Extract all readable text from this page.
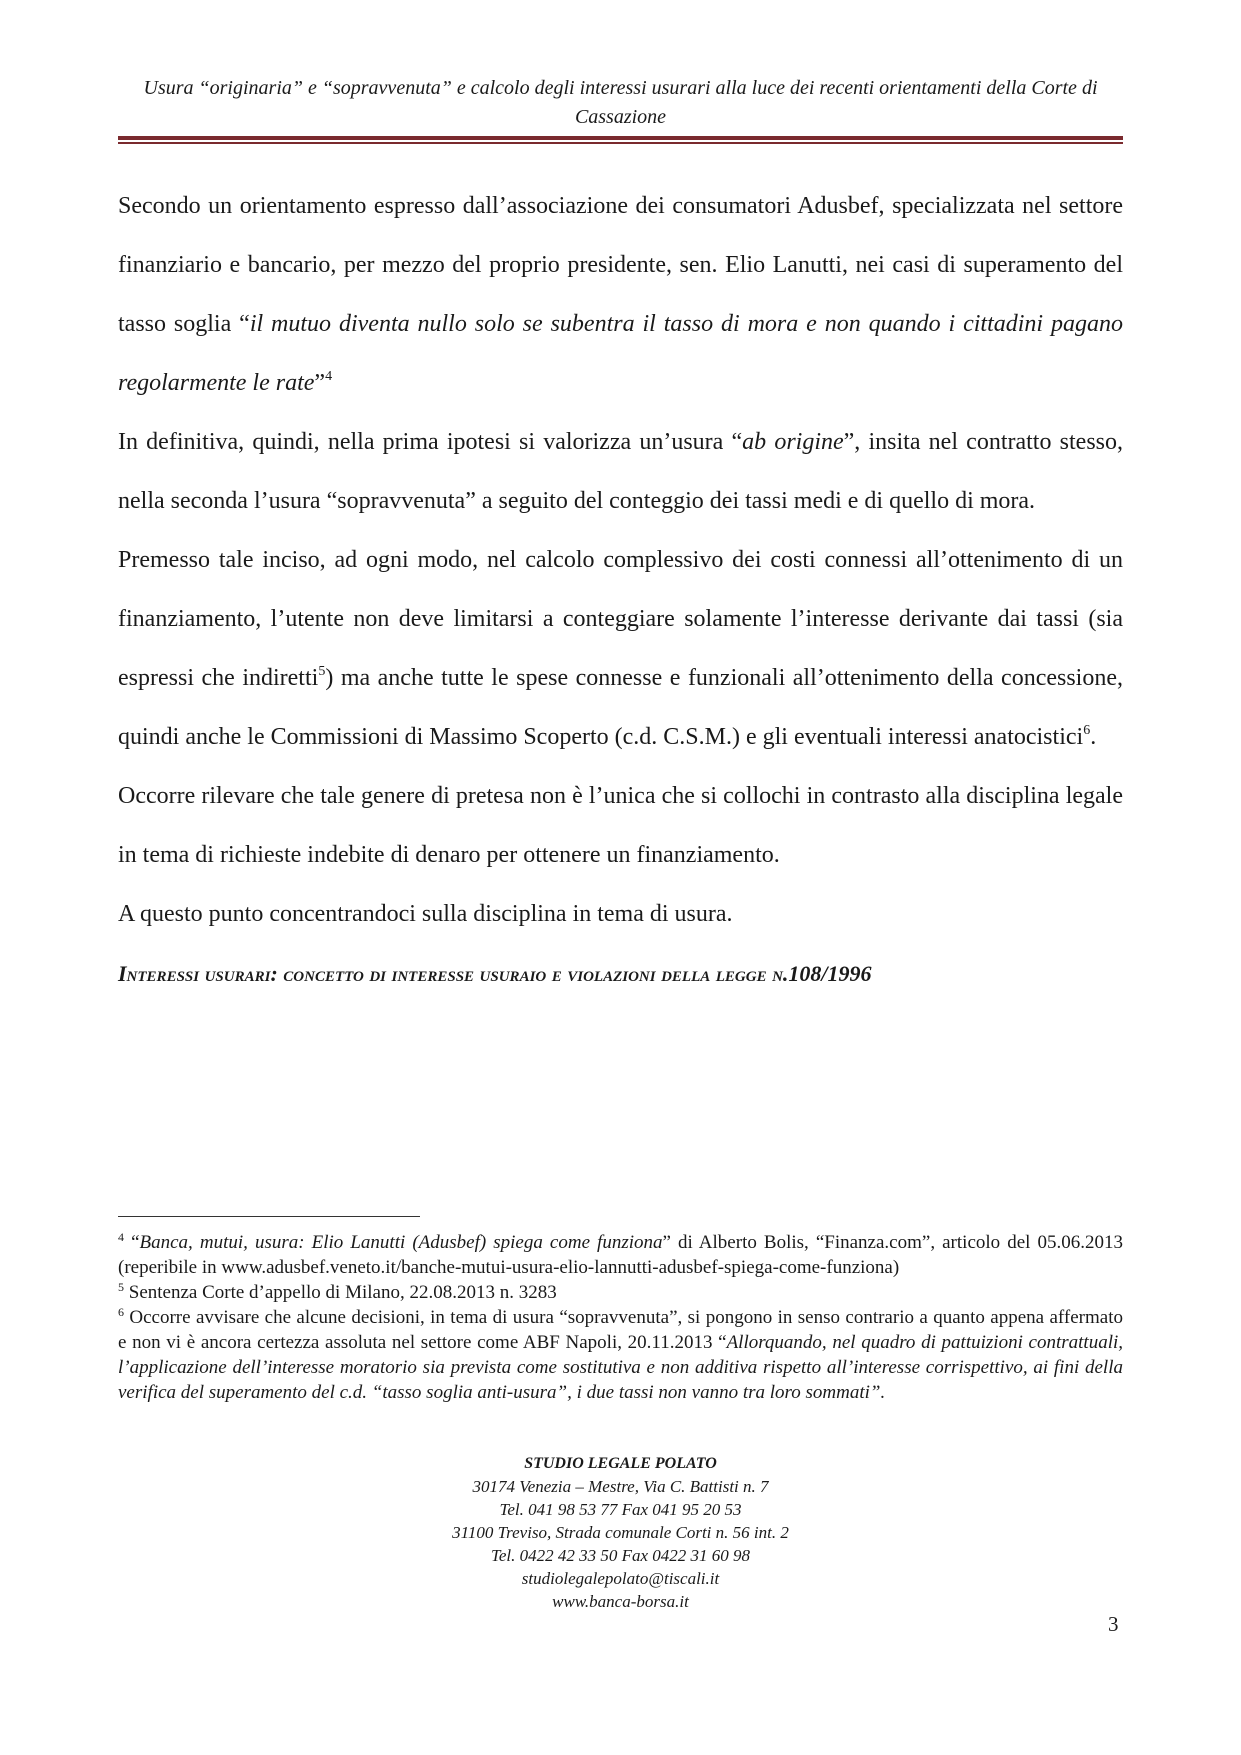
Usura “originaria” e “sopravvenuta” e calcolo degli interessi usurari alla luce dei recenti orientamenti della Corte di
Cassazione

Secondo un orientamento espresso dall’associazione dei consumatori Adusbef, specializzata nel settore finanziario e bancario, per mezzo del proprio presidente, sen. Elio Lanutti, nei casi di superamento del tasso soglia “il mutuo diventa nullo solo se subentra il tasso di mora e non quando i cittadini pagano regolarmente le rate”$^4$

In definitiva, quindi, nella prima ipotesi si valorizza un’usura “ab origine”, insita nel contratto stesso, nella seconda l’usura “sopravvenuta” a seguito del conteggio dei tassi medi e di quello di mora.

Premesso tale inciso, ad ogni modo, nel calcolo complessivo dei costi connessi all’ottenimento di un finanziamento, l’utente non deve limitarsi a conteggiare solamente l’interesse derivante dai tassi (sia espressi che indiretti$^5$) ma anche tutte le spese connesse e funzionali all’ottenimento della concessione, quindi anche le Commissioni di Massimo Scoperto (c.d. C.S.M.) e gli eventuali interessi anatocistici$^6$.

Occorre rilevare che tale genere di pretesa non è l’unica che si collochi in contrasto alla disciplina legale in tema di richieste indebite di denaro per ottenere un finanziamento.

A questo punto concentrandoci sulla disciplina in tema di usura.

Interessi usurari: concetto di interesse usuraio e violazioni della legge n.108/1996

$^4$ “Banca, mutui, usura: Elio Lanutti (Adusbef) spiega come funziona” di Alberto Bolis, “Finanza.com”, articolo del 05.06.2013 (reperibile in www.adusbef.veneto.it/banche-mutui-usura-elio-lannutti-adusbef-spiega-come-funziona)

$^5$ Sentenza Corte d’appello di Milano, 22.08.2013 n. 3283

$^6$ Occorre avvisare che alcune decisioni, in tema di usura “sopravvenuta”, si pongono in senso contrario a quanto appena affermato e non vi è ancora certezza assoluta nel settore come ABF Napoli, 20.11.2013 “Allorquando, nel quadro di pattuizioni contrattuali, l’applicazione dell’interesse moratorio sia prevista come sostitutiva e non additiva rispetto all’interesse corrispettivo, ai fini della verifica del superamento del c.d. “tasso soglia anti-usura”, i due tassi non vanno tra loro sommati”.

STUDIO LEGALE POLATO
30174 Venezia – Mestre, Via C. Battisti n. 7
Tel. 041 98 53 77 Fax 041 95 20 53
31100 Treviso, Strada comunale Corti n. 56 int. 2
Tel. 0422 42 33 50 Fax 0422 31 60 98
studiolegalepolato@tiscali.it
www.banca-borsa.it
3
